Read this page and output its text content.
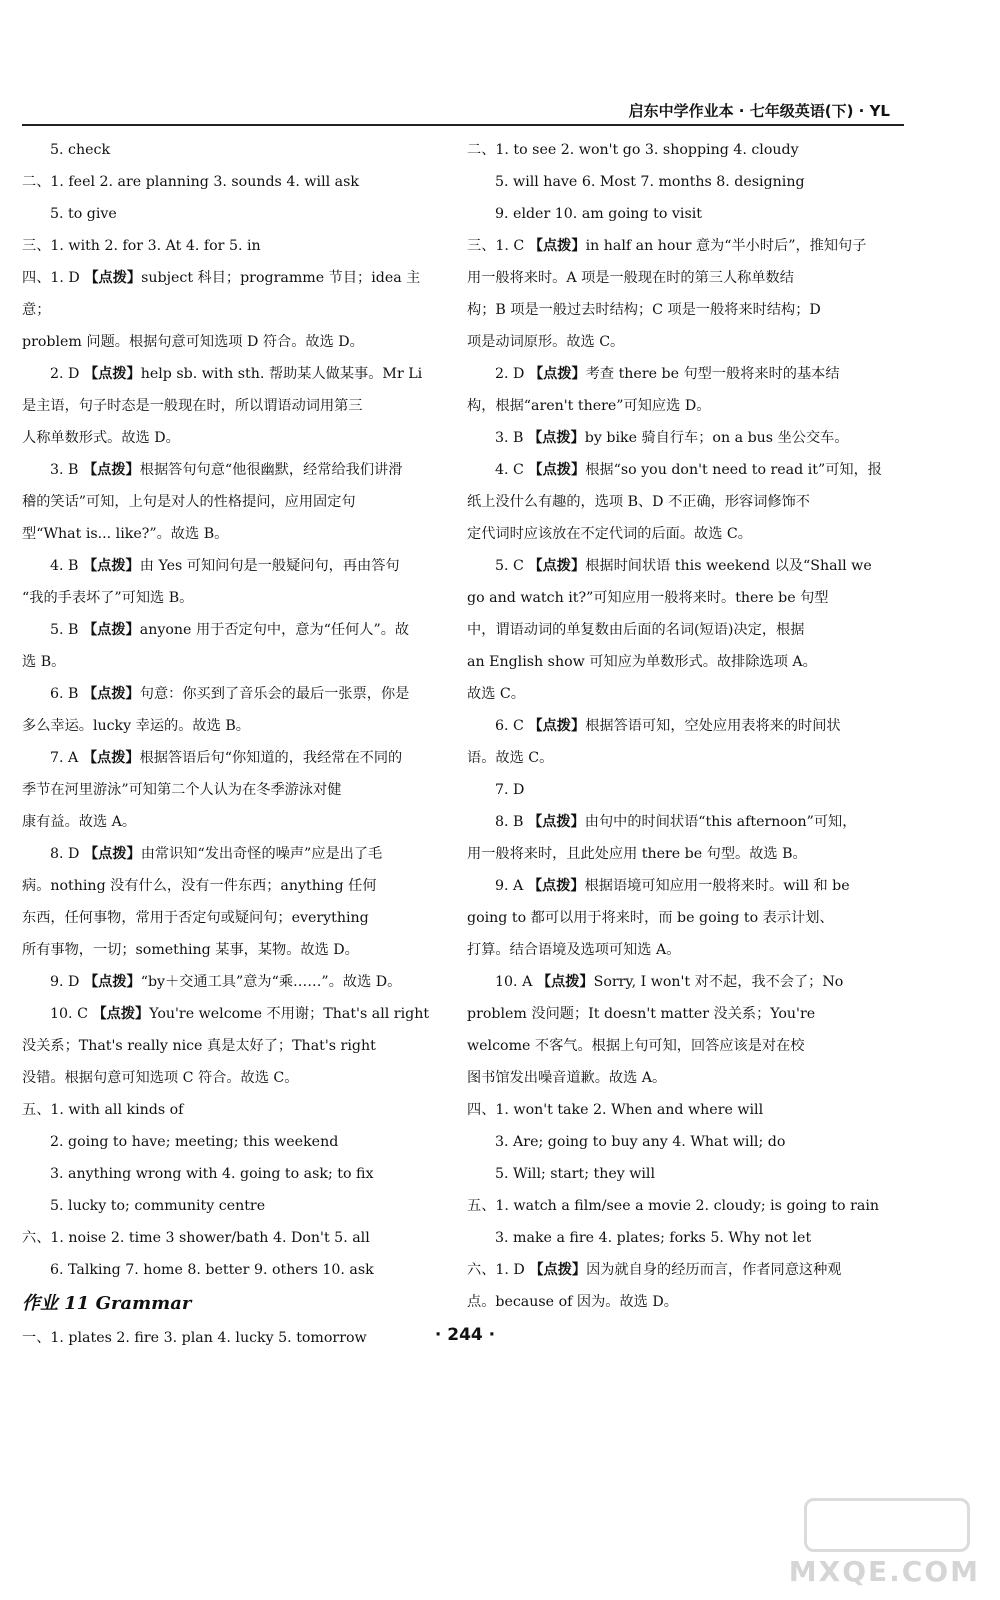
启东中学作业本 · 七年级英语(下) · YL
5. check
二、1. feel 2. are planning 3. sounds 4. will ask
5. to give
三、1. with 2. for 3. At 4. for 5. in
四、1. D 【点拨】subject 科目；programme 节目；idea 主意；
problem 问题。根据句意可知选项 D 符合。故选 D。
2. D 【点拨】help sb. with sth. 帮助某人做某事。Mr Li
是主语，句子时态是一般现在时，所以谓语动词用第三
人称单数形式。故选 D。
3. B 【点拨】根据答句句意“他很幽默，经常给我们讲滑
稽的笑话”可知，上句是对人的性格提问，应用固定句
型“What is... like?”。故选 B。
4. B 【点拨】由 Yes 可知问句是一般疑问句，再由答句
“我的手表坏了”可知选 B。
5. B 【点拨】anyone 用于否定句中，意为“任何人”。故
选 B。
6. B 【点拨】句意：你买到了音乐会的最后一张票，你是
多么幸运。lucky 幸运的。故选 B。
7. A 【点拨】根据答语后句“你知道的，我经常在不同的
季节在河里游泳”可知第二个人认为在冬季游泳对健
康有益。故选 A。
8. D 【点拨】由常识知“发出奇怪的噪声”应是出了毛
病。nothing 没有什么，没有一件东西；anything 任何
东西，任何事物，常用于否定句或疑问句；everything
所有事物，一切；something 某事，某物。故选 D。
9. D 【点拨】“by＋交通工具”意为“乘……”。故选 D。
10. C 【点拨】You're welcome 不用谢；That's all right
没关系；That's really nice 真是太好了；That's right
没错。根据句意可知选项 C 符合。故选 C。
五、1. with all kinds of
2. going to have; meeting; this weekend
3. anything wrong with 4. going to ask; to fix
5. lucky to; community centre
六、1. noise 2. time 3 shower/bath 4. Don't 5. all
6. Talking 7. home 8. better 9. others 10. ask
作业 11 Grammar
一、1. plates 2. fire 3. plan 4. lucky 5. tomorrow
二、1. to see 2. won't go 3. shopping 4. cloudy
5. will have 6. Most 7. months 8. designing
9. elder 10. am going to visit
三、1. C 【点拨】in half an hour 意为“半小时后”，推知句子
用一般将来时。A 项是一般现在时的第三人称单数结
构；B 项是一般过去时结构；C 项是一般将来时结构；D
项是动词原形。故选 C。
2. D 【点拨】考查 there be 句型一般将来时的基本结
构，根据“aren't there”可知应选 D。
3. B 【点拨】by bike 骑自行车；on a bus 坐公交车。
4. C 【点拨】根据“so you don't need to read it”可知，报
纸上没什么有趣的，选项 B、D 不正确，形容词修饰不
定代词时应该放在不定代词的后面。故选 C。
5. C 【点拨】根据时间状语 this weekend 以及“Shall we
go and watch it?”可知应用一般将来时。there be 句型
中，谓语动词的单复数由后面的名词(短语)决定，根据
an English show 可知应为单数形式。故排除选项 A。
故选 C。
6. C 【点拨】根据答语可知，空处应用表将来的时间状
语。故选 C。
7. D
8. B 【点拨】由句中的时间状语“this afternoon”可知，
用一般将来时，且此处应用 there be 句型。故选 B。
9. A 【点拨】根据语境可知应用一般将来时。will 和 be
going to 都可以用于将来时，而 be going to 表示计划、
打算。结合语境及选项可知选 A。
10. A 【点拨】Sorry, I won't 对不起，我不会了；No
problem 没问题；It doesn't matter 没关系；You're
welcome 不客气。根据上句可知，回答应该是对在校
图书馆发出噪音道歉。故选 A。
四、1. won't take 2. When and where will
3. Are; going to buy any 4. What will; do
5. Will; start; they will
五、1. watch a film/see a movie 2. cloudy; is going to rain
3. make a fire 4. plates; forks 5. Why not let
六、1. D 【点拨】因为就自身的经历而言，作者同意这种观
点。because of 因为。故选 D。
· 244 ·
MXQE.COM
